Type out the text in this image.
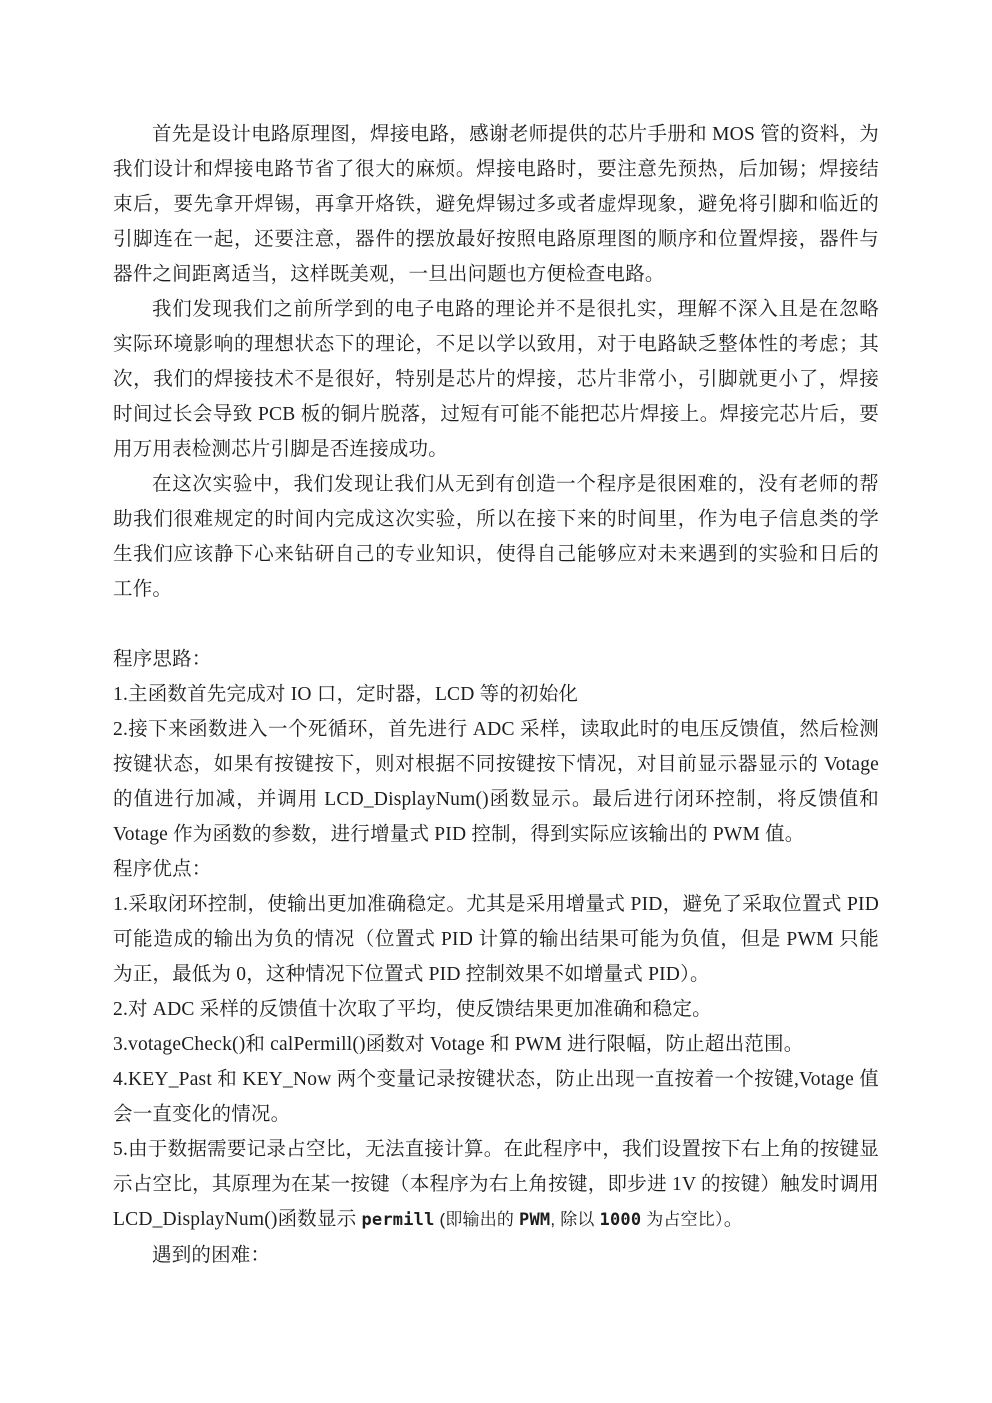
首先是设计电路原理图，焊接电路，感谢老师提供的芯片手册和 MOS 管的资料，为我们设计和焊接电路节省了很大的麻烦。焊接电路时，要注意先预热，后加锡；焊接结束后，要先拿开焊锡，再拿开烙铁，避免焊锡过多或者虚焊现象，避免将引脚和临近的引脚连在一起，还要注意，器件的摆放最好按照电路原理图的顺序和位置焊接，器件与器件之间距离适当，这样既美观，一旦出问题也方便检查电路。

我们发现我们之前所学到的电子电路的理论并不是很扎实，理解不深入且是在忽略实际环境影响的理想状态下的理论，不足以学以致用，对于电路缺乏整体性的考虑；其次，我们的焊接技术不是很好，特别是芯片的焊接，芯片非常小，引脚就更小了，焊接时间过长会导致 PCB 板的铜片脱落，过短有可能不能把芯片焊接上。焊接完芯片后，要用万用表检测芯片引脚是否连接成功。

在这次实验中，我们发现让我们从无到有创造一个程序是很困难的，没有老师的帮助我们很难规定的时间内完成这次实验，所以在接下来的时间里，作为电子信息类的学生我们应该静下心来钻研自己的专业知识，使得自己能够应对未来遇到的实验和日后的工作。

程序思路：

1.主函数首先完成对 IO 口，定时器，LCD 等的初始化

2.接下来函数进入一个死循环，首先进行 ADC 采样，读取此时的电压反馈值，然后检测按键状态，如果有按键按下，则对根据不同按键按下情况，对目前显示器显示的 Votage 的值进行加减，并调用 LCD_DisplayNum()函数显示。最后进行闭环控制，将反馈值和 Votage 作为函数的参数，进行增量式 PID 控制，得到实际应该输出的 PWM 值。

程序优点：

1.采取闭环控制，使输出更加准确稳定。尤其是采用增量式 PID，避免了采取位置式 PID 可能造成的输出为负的情况（位置式 PID 计算的输出结果可能为负值，但是 PWM 只能为正，最低为 0，这种情况下位置式 PID 控制效果不如增量式 PID）。

2.对 ADC 采样的反馈值十次取了平均，使反馈结果更加准确和稳定。

3.votageCheck()和 calPermill()函数对 Votage 和 PWM 进行限幅，防止超出范围。

4.KEY_Past 和 KEY_Now 两个变量记录按键状态，防止出现一直按着一个按键,Votage 值会一直变化的情况。

5.由于数据需要记录占空比，无法直接计算。在此程序中，我们设置按下右上角的按键显示占空比，其原理为在某一按键（本程序为右上角按键，即步进 1V 的按键）触发时调用 LCD_DisplayNum()函数显示 permill (即输出的 PWM, 除以 1000 为占空比）。

遇到的困难：
